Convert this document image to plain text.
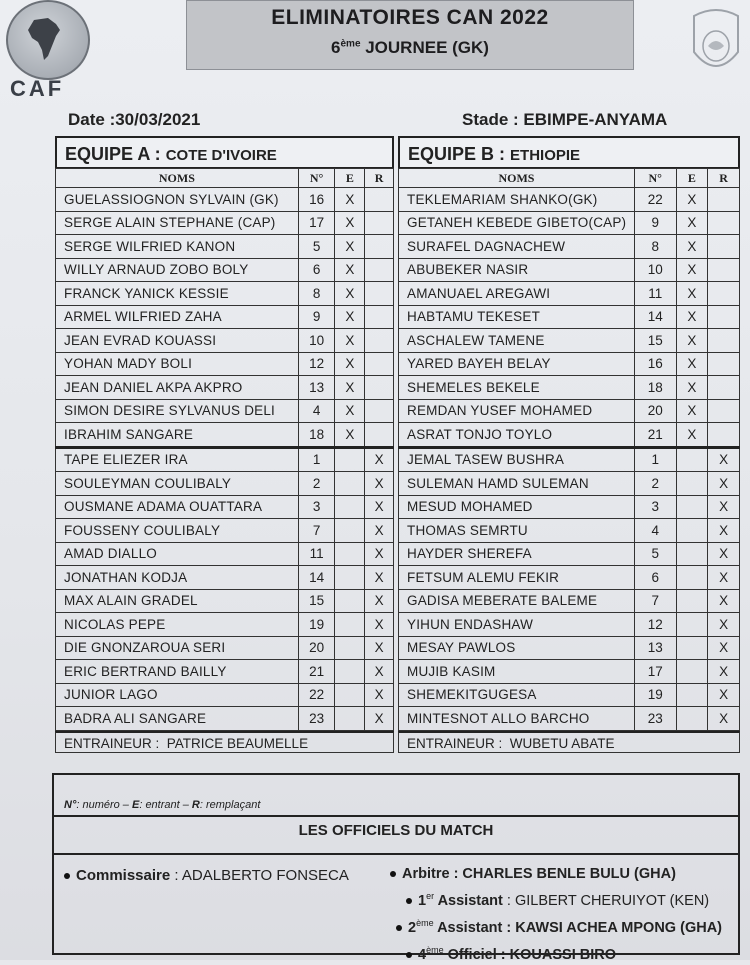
CAF
ELIMINATOIRES CAN 2022
6ème JOURNEE (GK)
Date :30/03/2021	Stade : EBIMPE-ANYAMA
EQUIPE A : COTE D'IVOIRE
NOMS	N°	E	R
GUELASSIOGNON SYLVAIN (GK)	16	X	
SERGE ALAIN STEPHANE (CAP)	17	X	
SERGE WILFRIED KANON	5	X	
WILLY ARNAUD ZOBO BOLY	6	X	
FRANCK YANICK KESSIE	8	X	
ARMEL WILFRIED ZAHA	9	X	
JEAN EVRAD KOUASSI	10	X	
YOHAN MADY BOLI	12	X	
JEAN DANIEL AKPA AKPRO	13	X	
SIMON DESIRE SYLVANUS DELI	4	X	
IBRAHIM SANGARE	18	X	
TAPE ELIEZER IRA	1		X
SOULEYMAN COULIBALY	2		X
OUSMANE ADAMA OUATTARA	3		X
FOUSSENY COULIBALY	7		X
AMAD DIALLO	11		X
JONATHAN KODJA	14		X
MAX ALAIN GRADEL	15		X
NICOLAS PEPE	19		X
DIE GNONZAROUA SERI	20		X
ERIC BERTRAND BAILLY	21		X
JUNIOR LAGO	22		X
BADRA ALI SANGARE	23		X
ENTRAINEUR : PATRICE BEAUMELLE
EQUIPE B : ETHIOPIE
NOMS	N°	E	R
TEKLEMARIAM SHANKO(GK)	22	X	
GETANEH KEBEDE GIBETO(CAP)	9	X	
SURAFEL DAGNACHEW	8	X	
ABUBEKER NASIR	10	X	
AMANUAEL AREGAWI	11	X	
HABTAMU TEKESET	14	X	
ASCHALEW TAMENE	15	X	
YARED BAYEH BELAY	16	X	
SHEMELES BEKELE	18	X	
REMDAN YUSEF MOHAMED	20	X	
ASRAT TONJO TOYLO	21	X	
JEMAL TASEW BUSHRA	1		X
SULEMAN HAMD SULEMAN	2		X
MESUD MOHAMED	3		X
THOMAS SEMRTU	4		X
HAYDER SHEREFA	5		X
FETSUM ALEMU FEKIR	6		X
GADISA MEBERATE BALEME	7		X
YIHUN ENDASHAW	12		X
MESAY PAWLOS	13		X
MUJIB KASIM	17		X
SHEMEKITGUGESA	19		X
MINTESNOT ALLO BARCHO	23		X
ENTRAINEUR : WUBETU ABATE
N°: numéro – E: entrant – R: remplaçant
LES OFFICIELS DU MATCH
Commissaire : ADALBERTO FONSECA	Arbitre : CHARLES BENLE BULU (GHA)
1er Assistant : GILBERT CHERUIYOT (KEN)
2ème Assistant : KAWSI ACHEA MPONG (GHA)
4ème Officiel : KOUASSI BIRO
